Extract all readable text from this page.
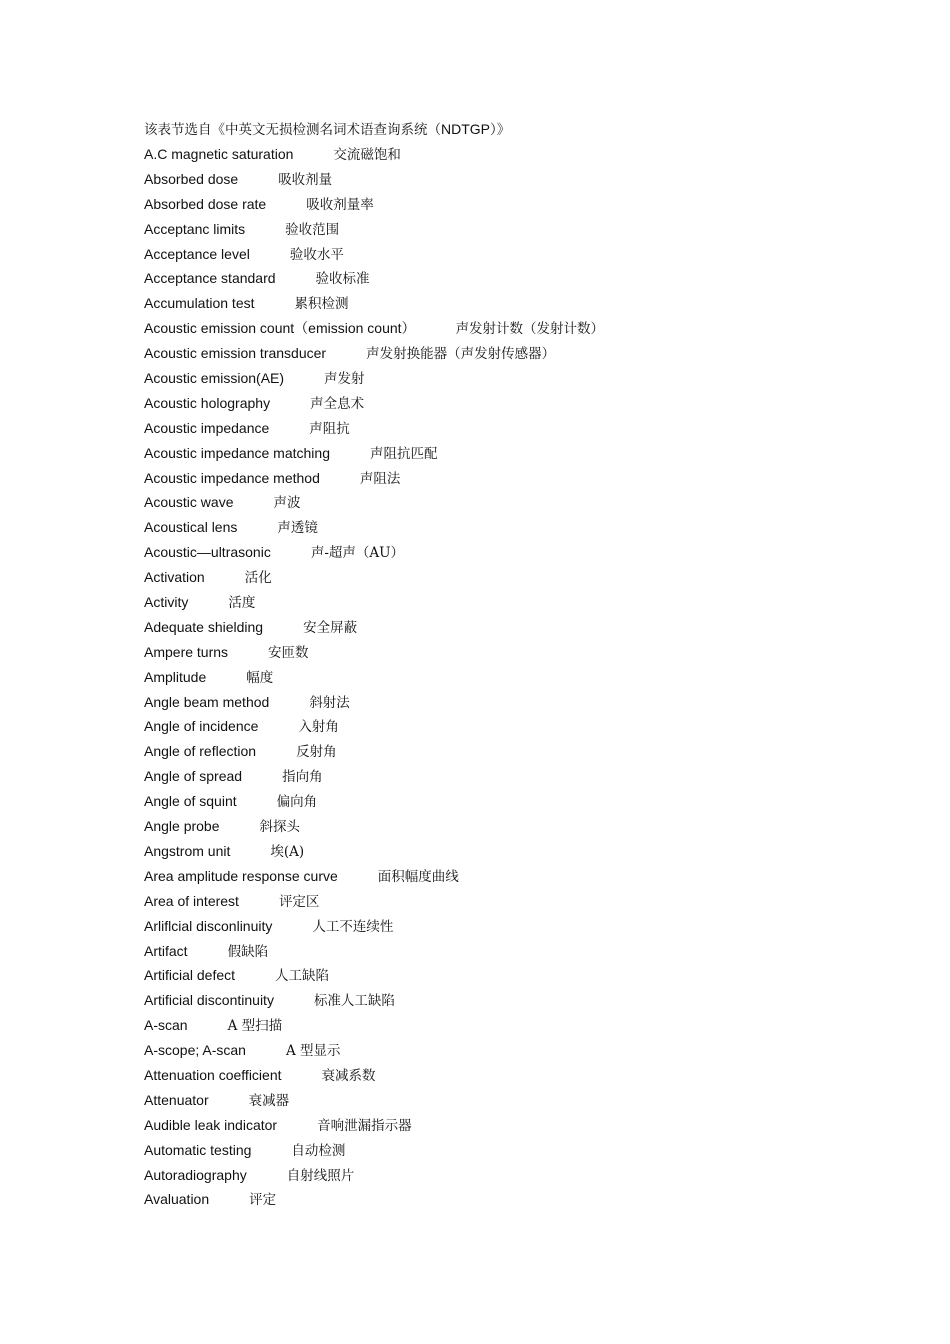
该表节选自《中英文无损检测名词术语查询系统（NDTGP）》
A.C magnetic saturation	交流磁饱和
Absorbed dose	吸收剂量
Absorbed dose rate	吸收剂量率
Acceptanc limits	验收范围
Acceptance level	验收水平
Acceptance standard	验收标准
Accumulation test	累积检测
Acoustic emission count（emission count）	声发射计数（发射计数）
Acoustic emission transducer	声发射换能器（声发射传感器）
Acoustic emission(AE)	声发射
Acoustic holography	声全息术
Acoustic impedance	声阻抗
Acoustic impedance matching	声阻抗匹配
Acoustic impedance method	声阻法
Acoustic wave	声波
Acoustical lens	声透镜
Acoustic—ultrasonic	声-超声（AU）
Activation	活化
Activity	活度
Adequate shielding	安全屏蔽
Ampere turns	安匝数
Amplitude	幅度
Angle beam method	斜射法
Angle of incidence	入射角
Angle of reflection	反射角
Angle of spread	指向角
Angle of squint	偏向角
Angle probe	斜探头
Angstrom unit	埃(A)
Area amplitude response curve	面积幅度曲线
Area of interest	评定区
Arliflcial disconlinuity	人工不连续性
Artifact	假缺陷
Artificial defect	人工缺陷
Artificial discontinuity	标准人工缺陷
A-scan	A 型扫描
A-scope; A-scan	A 型显示
Attenuation coefficient	衰减系数
Attenuator	衰减器
Audible leak indicator	音响泄漏指示器
Automatic testing	自动检测
Autoradiography	自射线照片
Avaluation	评定
